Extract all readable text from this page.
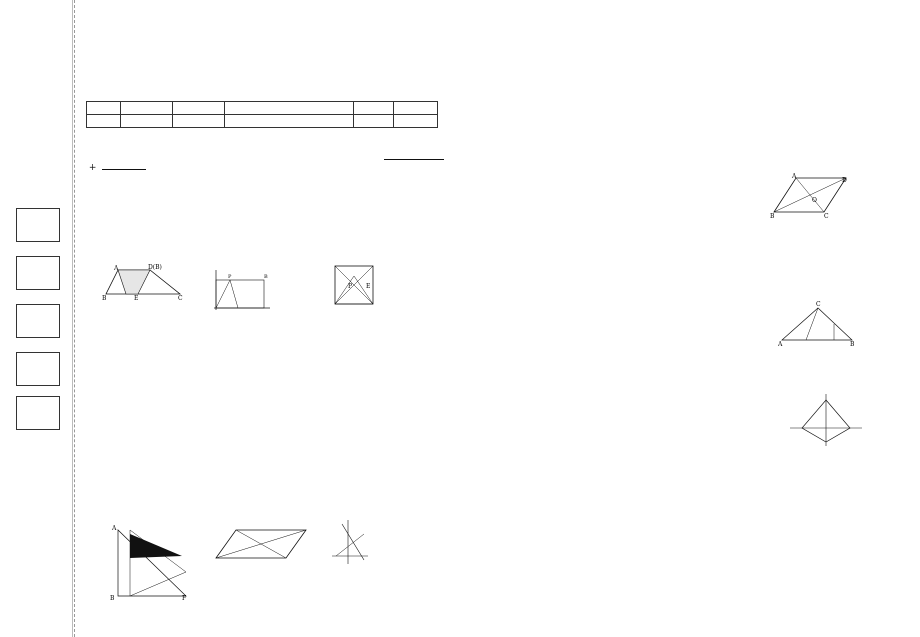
+

A	D(B)
B	E	C
P	B
P E
A
B	F
A
D
B	C
O
C
A	B
